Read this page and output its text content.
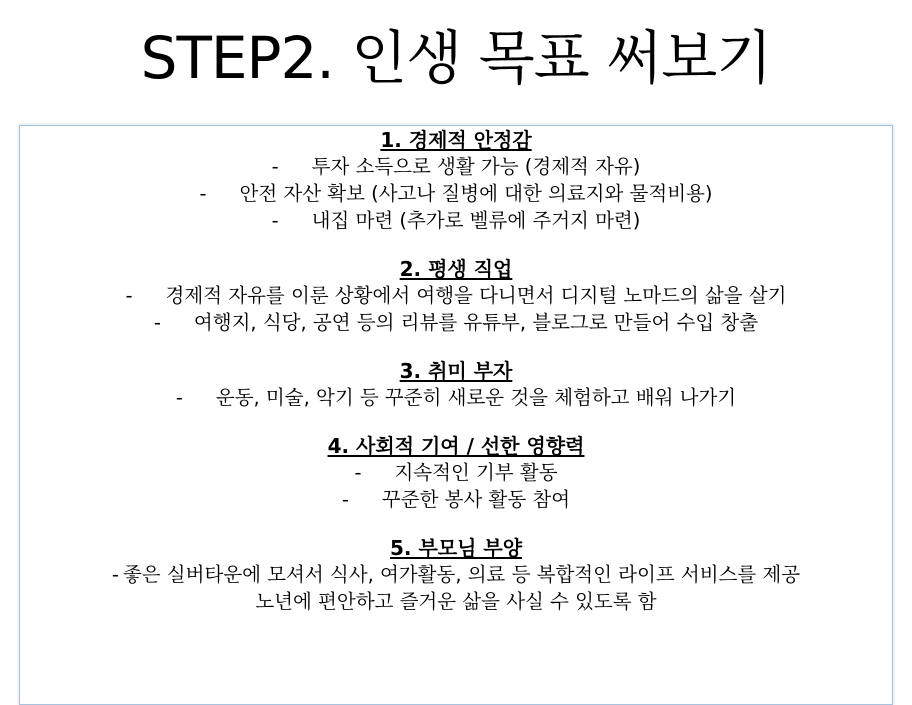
STEP2. 인생 목표 써보기
1. 경제적 안정감
- 투자 소득으로 생활 가능 (경제적 자유)
- 안전 자산 확보 (사고나 질병에 대한 의료지와 물적비용)
- 내집 마련 (추가로 벨류에 주거지 마련)
2. 평생 직업
- 경제적 자유를 이룬 상황에서 여행을 다니면서 디지털 노마드의 삶을 살기
- 여행지, 식당, 공연 등의 리뷰를 유튜부, 블로그로 만들어 수입 창출
3. 취미 부자
- 운동, 미술, 악기 등 꾸준히 새로운 것을 체험하고 배워 나가기
4. 사회적 기여 / 선한 영향력
- 지속적인 기부 활동
- 꾸준한 봉사 활동 참여
5. 부모님 부양
- 좋은 실버타운에 모셔서 식사, 여가활동, 의료 등 복합적인 라이프 서비스를 제공
노년에 편안하고 즐거운 삶을 사실 수 있도록 함
